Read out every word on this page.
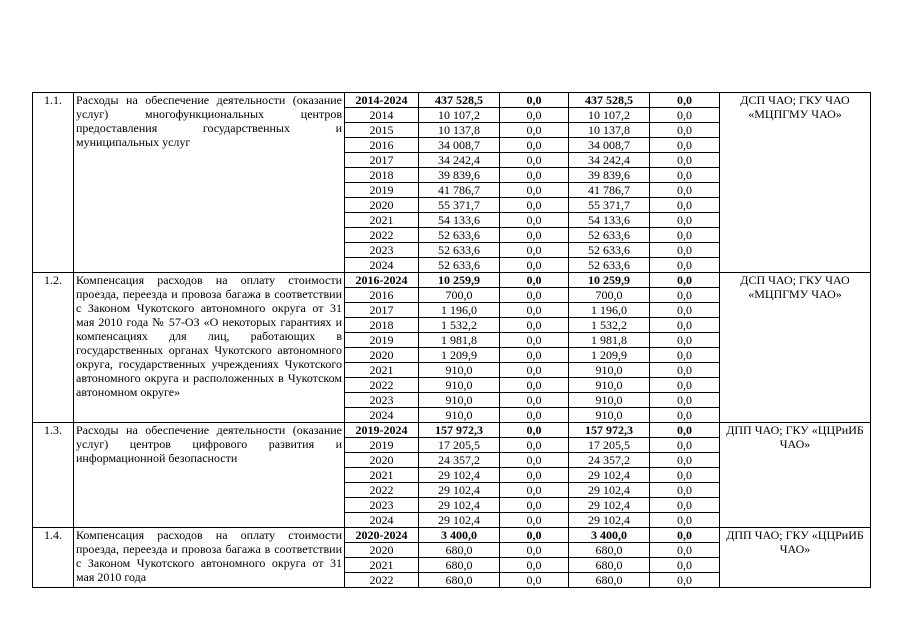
1.1.	Расходы на обеспечение деятельности (оказание услуг) многофункциональных центров предоставления государственных и муниципальных услуг	2014-2024	437 528,5	0,0	437 528,5	0,0	ДСП ЧАО; ГКУ ЧАО «МЦПГМУ ЧАО»
		2014	10 107,2	0,0	10 107,2	0,0	
		2015	10 137,8	0,0	10 137,8	0,0	
		2016	34 008,7	0,0	34 008,7	0,0	
		2017	34 242,4	0,0	34 242,4	0,0	
		2018	39 839,6	0,0	39 839,6	0,0	
		2019	41 786,7	0,0	41 786,7	0,0	
		2020	55 371,7	0,0	55 371,7	0,0	
		2021	54 133,6	0,0	54 133,6	0,0	
		2022	52 633,6	0,0	52 633,6	0,0	
		2023	52 633,6	0,0	52 633,6	0,0	
		2024	52 633,6	0,0	52 633,6	0,0	
1.2.	Компенсация расходов на оплату стоимости проезда, переезда и провоза багажа в соответствии с Законом Чукотского автономного округа от 31 мая 2010 года № 57-ОЗ «О некоторых гарантиях и компенсациях для лиц, работающих в государственных органах Чукотского автономного округа, государственных учреждениях Чукотского автономного округа и расположенных в Чукотском автономном округе»	2016-2024	10 259,9	0,0	10 259,9	0,0	ДСП ЧАО; ГКУ ЧАО «МЦПГМУ ЧАО»
		2016	700,0	0,0	700,0	0,0	
		2017	1 196,0	0,0	1 196,0	0,0	
		2018	1 532,2	0,0	1 532,2	0,0	
		2019	1 981,8	0,0	1 981,8	0,0	
		2020	1 209,9	0,0	1 209,9	0,0	
		2021	910,0	0,0	910,0	0,0	
		2022	910,0	0,0	910,0	0,0	
		2023	910,0	0,0	910,0	0,0	
		2024	910,0	0,0	910,0	0,0	
1.3.	Расходы на обеспечение деятельности (оказание услуг) центров цифрового развития и информационной безопасности	2019-2024	157 972,3	0,0	157 972,3	0,0	ДПП ЧАО; ГКУ «ЦЦРиИБ ЧАО»
		2019	17 205,5	0,0	17 205,5	0,0	
		2020	24 357,2	0,0	24 357,2	0,0	
		2021	29 102,4	0,0	29 102,4	0,0	
		2022	29 102,4	0,0	29 102,4	0,0	
		2023	29 102,4	0,0	29 102,4	0,0	
		2024	29 102,4	0,0	29 102,4	0,0	
1.4.	Компенсация расходов на оплату стоимости проезда, переезда и провоза багажа в соответствии с Законом Чукотского автономного округа от 31 мая 2010 года	2020-2024	3 400,0	0,0	3 400,0	0,0	ДПП ЧАО; ГКУ «ЦЦРиИБ ЧАО»
		2020	680,0	0,0	680,0	0,0	
		2021	680,0	0,0	680,0	0,0	
		2022	680,0	0,0	680,0	0,0	
